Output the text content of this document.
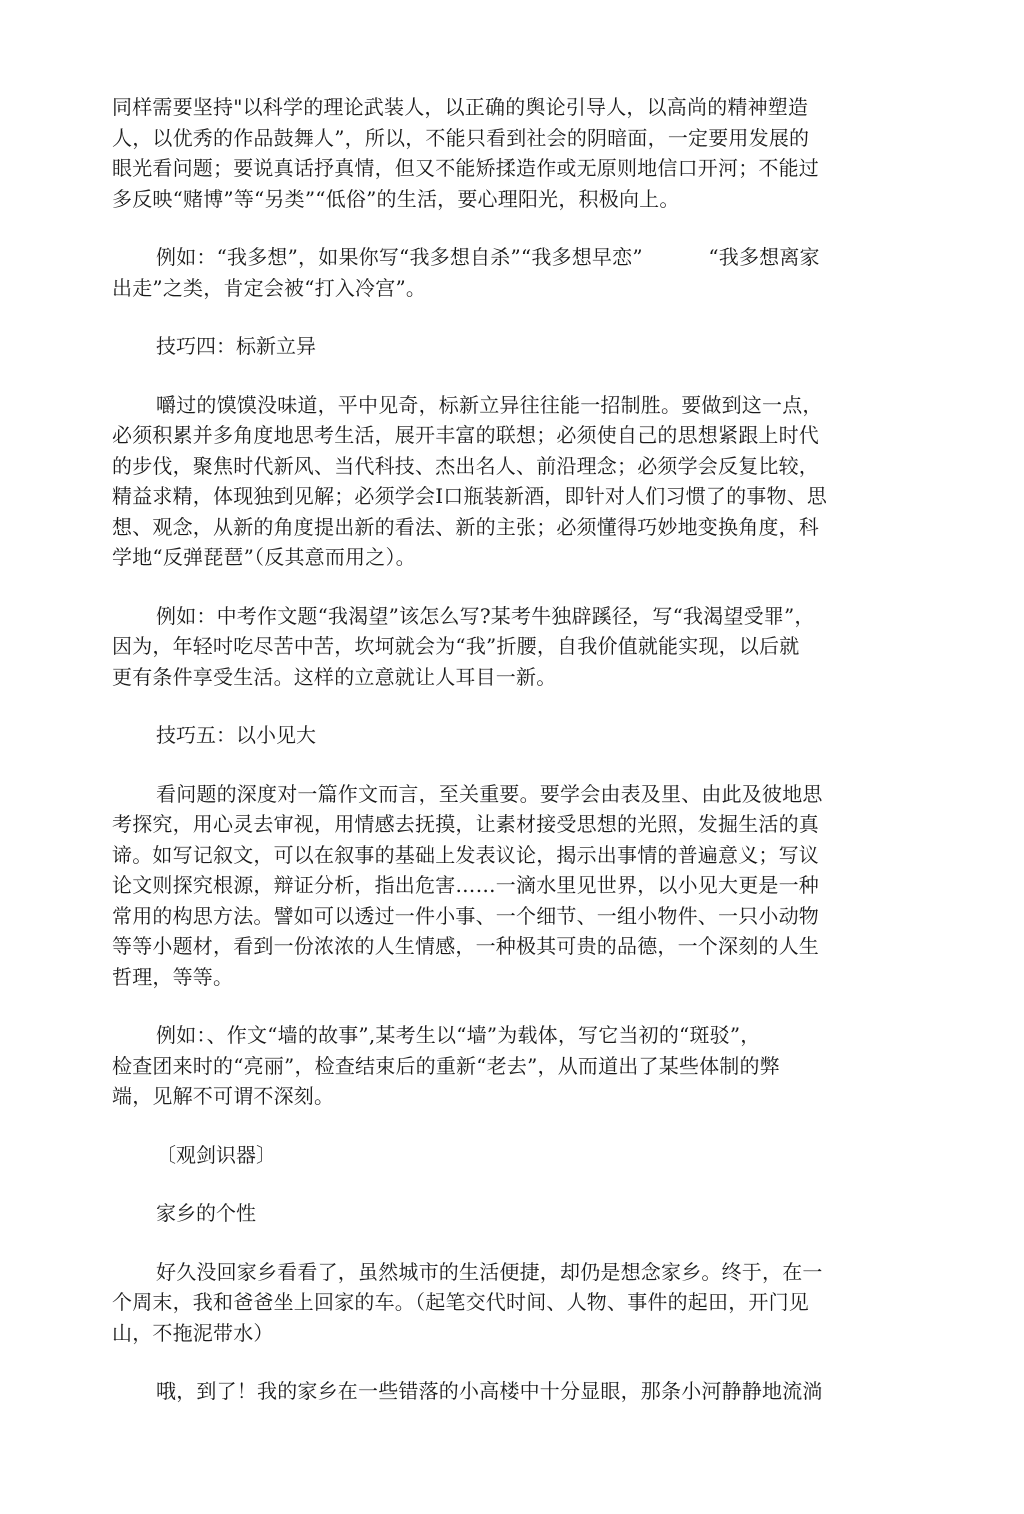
同样需要坚持"以科学的理论武装人，以正确的舆论引导人，以高尚的精神塑造
人，以优秀的作品鼓舞人”，所以，不能只看到社会的阴暗面，一定要用发展的
眼光看问题；要说真话抒真情，但又不能矫揉造作或无原则地信口开河；不能过
多反映“赌博”等“另类”“低俗”的生活，要心理阳光，积极向上。
例如：“我多想”，如果你写“我多想自杀”“我多想早恋”          “我多想离家
出走”之类，肯定会被“打入冷宫”。
技巧四：标新立异
嚼过的馍馍没味道，平中见奇，标新立异往往能一招制胜。要做到这一点，
必须积累并多角度地思考生活，展开丰富的联想；必须使自己的思想紧跟上时代
的步伐，聚焦时代新风、当代科技、杰出名人、前沿理念；必须学会反复比较，
精益求精，体现独到见解；必须学会I口瓶装新酒，即针对人们习惯了的事物、思
想、观念，从新的角度提出新的看法、新的主张；必须懂得巧妙地变换角度，科
学地“反弹琵琶”（反其意而用之）。
例如：中考作文题“我渴望”该怎么写?某考牛独辟蹊径，写“我渴望受罪”，
因为，年轻吋吃尽苦中苦，坎坷就会为“我”折腰，自我价值就能实现，以后就
更有条件享受生活。这样的立意就让人耳目一新。
技巧五：以小见大
看问题的深度对一篇作文而言，至关重要。要学会由表及里、由此及彼地思
考探究，用心灵去审视，用情感去抚摸，让素材接受思想的光照，发掘生活的真
谛。如写记叙文，可以在叙事的基础上发表议论，揭示出事情的普遍意义；写议
论文则探究根源，辩证分析，指出危害……一滴水里见世界，以小见大更是一种
常用的构思方法。譬如可以透过一件小事、一个细节、一组小物件、一只小动物
等等小题材，看到一份浓浓的人生情感，一种极其可贵的品德，一个深刻的人生
哲理，等等。
例如：、作文“墙的故事”,某考生以“墙”为载体，写它当初的“斑驳”，
检查团来时的“亮丽”，检查结束后的重新“老去”，从而道出了某些体制的弊
端，见解不可谓不深刻。
〔观剑识器〕
家乡的个性
好久没回家乡看看了，虽然城市的生活便捷，却仍是想念家乡。终于，在一
个周末，我和爸爸坐上回家的车。（起笔交代时间、人物、事件的起田，开门见
山，不拖泥带水）
哦，到了！我的家乡在一些错落的小高楼中十分显眼，那条小河静静地流淌
